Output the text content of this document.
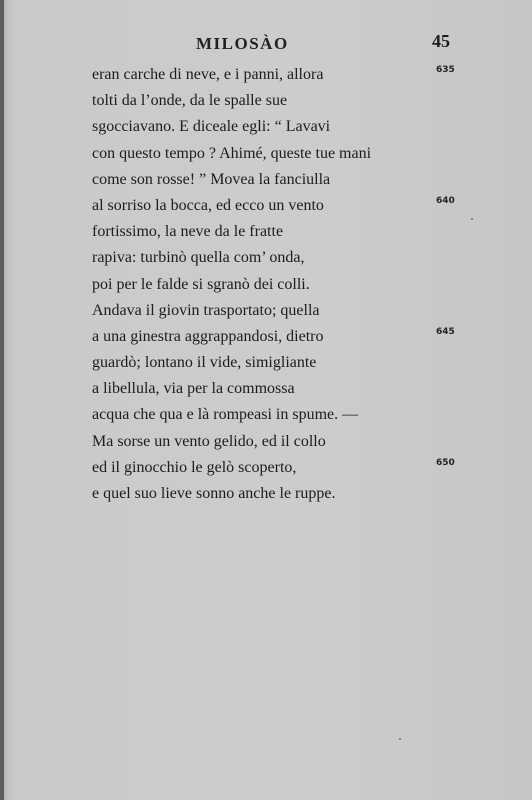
MILOSÀO	45
eran carche di neve, e i panni, allora	635
tolti da l’onde, da le spalle sue
sgocciavano. E diceale egli: “ Lavavi
con questo tempo ? Ahimé, queste tue mani
come son rosse! ” Movea la fanciulla
al sorriso la bocca, ed ecco un vento	640
fortissimo, la neve da le fratte
rapiva: turbinò quella com’ onda,
poi per le falde si sgranò dei colli.
Andava il giovin trasportato; quella
a una ginestra aggrappandosi, dietro	645
guardò; lontano il vide, simigliante
a libellula, via per la commossa
acqua che qua e là rompeasi in spume. —
Ma sorse un vento gelido, ed il collo
ed il ginocchio le gelò scoperto,	650
e quel suo lieve sonno anche le ruppe.
